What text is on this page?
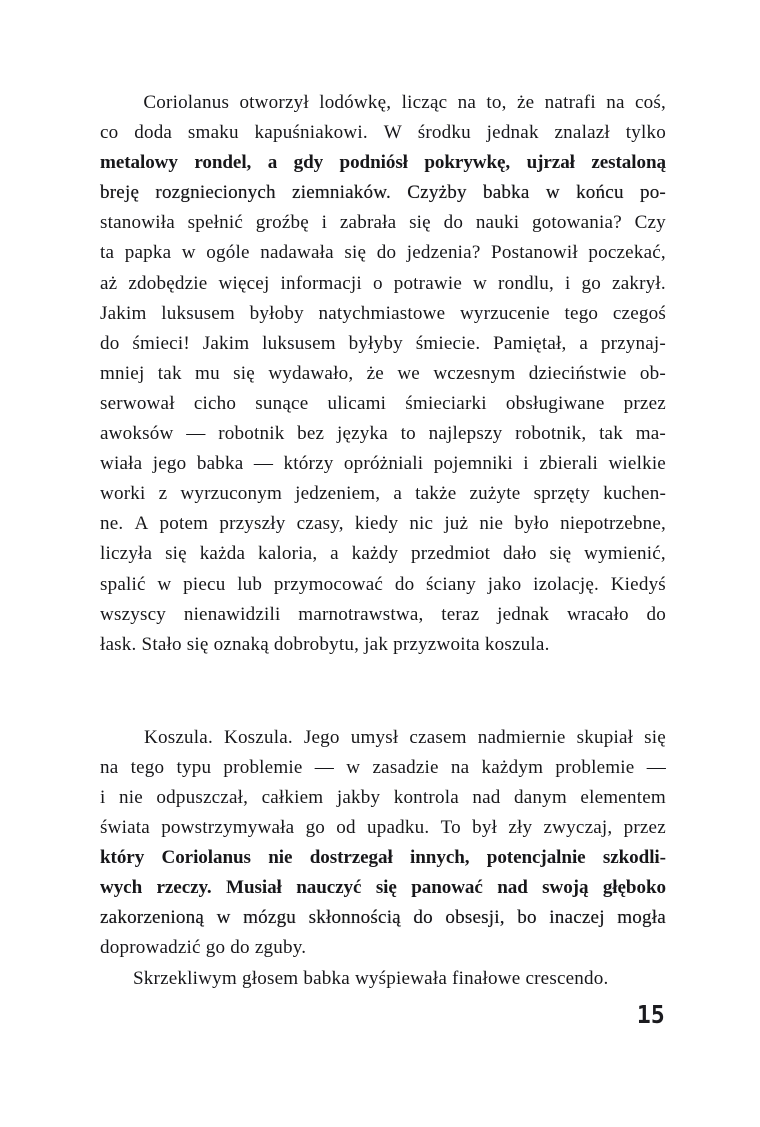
Coriolanus otworzył lodówkę, licząc na to, że natrafi na coś,
co doda smaku kapuśniakowi. W środku jednak znalazł tylko
metalowy rondel, a gdy podniósł pokrywkę, ujrzał zestaloną
breję rozgniecionych ziemniaków. Czyżby babka w końcu po-
stanowiła spełnić groźbę i zabrała się do nauki gotowania? Czy
ta papka w ogóle nadawała się do jedzenia? Postanowił poczekać,
aż zdobędzie więcej informacji o potrawie w rondlu, i go zakrył.
Jakim luksusem byłoby natychmiastowe wyrzucenie tego czegoś
do śmieci! Jakim luksusem byłyby śmiecie. Pamiętał, a przynaj-
mniej tak mu się wydawało, że we wczesnym dzieciństwie ob-
serwował cicho sunące ulicami śmieciarki obsługiwane przez
awoksów — robotnik bez języka to najlepszy robotnik, tak ma-
wiała jego babka — którzy opróżniali pojemniki i zbierali wielkie
worki z wyrzuconym jedzeniem, a także zużyte sprzęty kuchen-
ne. A potem przyszły czasy, kiedy nic już nie było niepotrzebne,
liczyła się każda kaloria, a każdy przedmiot dało się wymienić,
spalić w piecu lub przymocować do ściany jako izolację. Kiedyś
wszyscy nienawidzili marnotrawstwa, teraz jednak wracało do
łask. Stało się oznaką dobrobytu, jak przyzwoita koszula.

Koszula. Koszula. Jego umysł czasem nadmiernie skupiał się
na tego typu problemie — w zasadzie na każdym problemie —
i nie odpuszczał, całkiem jakby kontrola nad danym elementem
świata powstrzymywała go od upadku. To był zły zwyczaj, przez
który Coriolanus nie dostrzegał innych, potencjalnie szkodli-
wych rzeczy. Musiał nauczyć się panować nad swoją głęboko
zakorzenioną w mózgu skłonnością do obsesji, bo inaczej mogła
doprowadzić go do zguby.

Skrzekliwym głosem babka wyśpiewała finałowe crescendo.

15
